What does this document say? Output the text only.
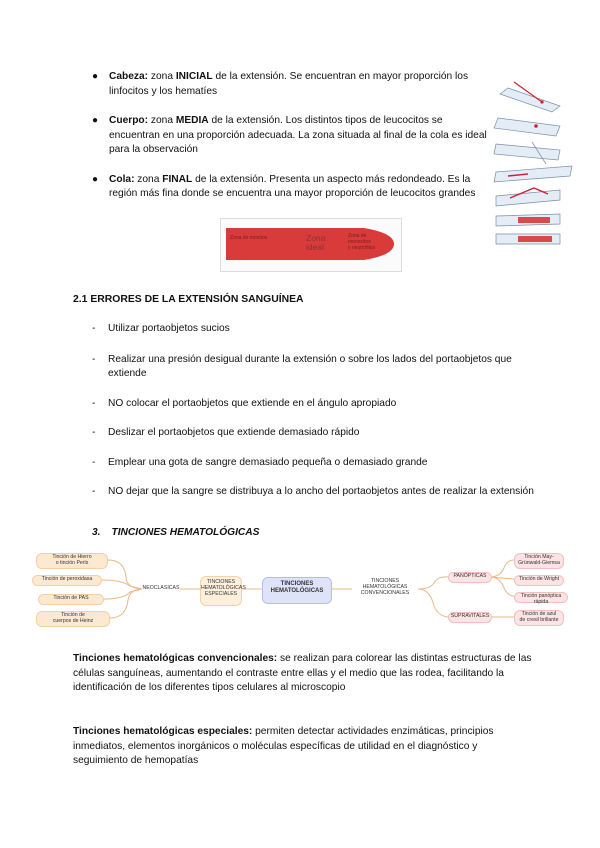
● Cabeza: zona INICIAL de la extensión. Se encuentran en mayor proporción los linfocitos y los hematíes
● Cuerpo: zona MEDIA de la extensión. Los distintos tipos de leucocitos se encuentran en una proporción adecuada. La zona situada al final de la cola es ideal para la observación
● Cola: zona FINAL de la extensión. Presenta un aspecto más redondeado. Es la región más fina donde se encuentra una mayor proporción de leucocitos grandes
Zona de monitos	Zona
ideal
Zona de
monocitos
y neutrófilos
2.1 ERRORES DE LA EXTENSIÓN SANGUÍNEA
- Utilizar portaobjetos sucios
- Realizar una presión desigual durante la extensión o sobre los lados del portaobjetos que extiende
- NO colocar el portaobjetos que extiende en el ángulo apropiado
- Deslizar el portaobjetos que extiende demasiado rápido
- Emplear una gota de sangre demasiado pequeña o demasiado grande
- NO dejar que la sangre se distribuya a lo ancho del portaobjetos antes de realizar la extensión
3. TINCIONES HEMATOLÓGICAS
Tinción de Hierro
o tinción Perls
Tinción de peroxidasa
Tinción de PAS
Tinción de
cuerpos de Heinz
NEOCLASICAS
TINCIONES
HEMATOLÓGICAS
ESPECIALES
TINCIONES
HEMATOLÓGICAS
TINCIONES
HEMATOLÓGICAS
CONVENCIONALES
PANÓPTICAS
SUPRAVITALES
Tinción May-
Grünwald-Giemsa
Tinción de Wright
Tinción panóptica rápida
Tinción de azul
de cresil brillante
Tinciones hematológicas convencionales: se realizan para colorear las distintas estructuras de las células sanguíneas, aumentando el contraste entre ellas y el medio que las rodea, facilitando la identificación de los diferentes tipos celulares al microscopio
Tinciones hematológicas especiales: permiten detectar actividades enzimáticas, principios inmediatos, elementos inorgánicos o moléculas específicas de utilidad en el diagnóstico y seguimiento de hemopatías
